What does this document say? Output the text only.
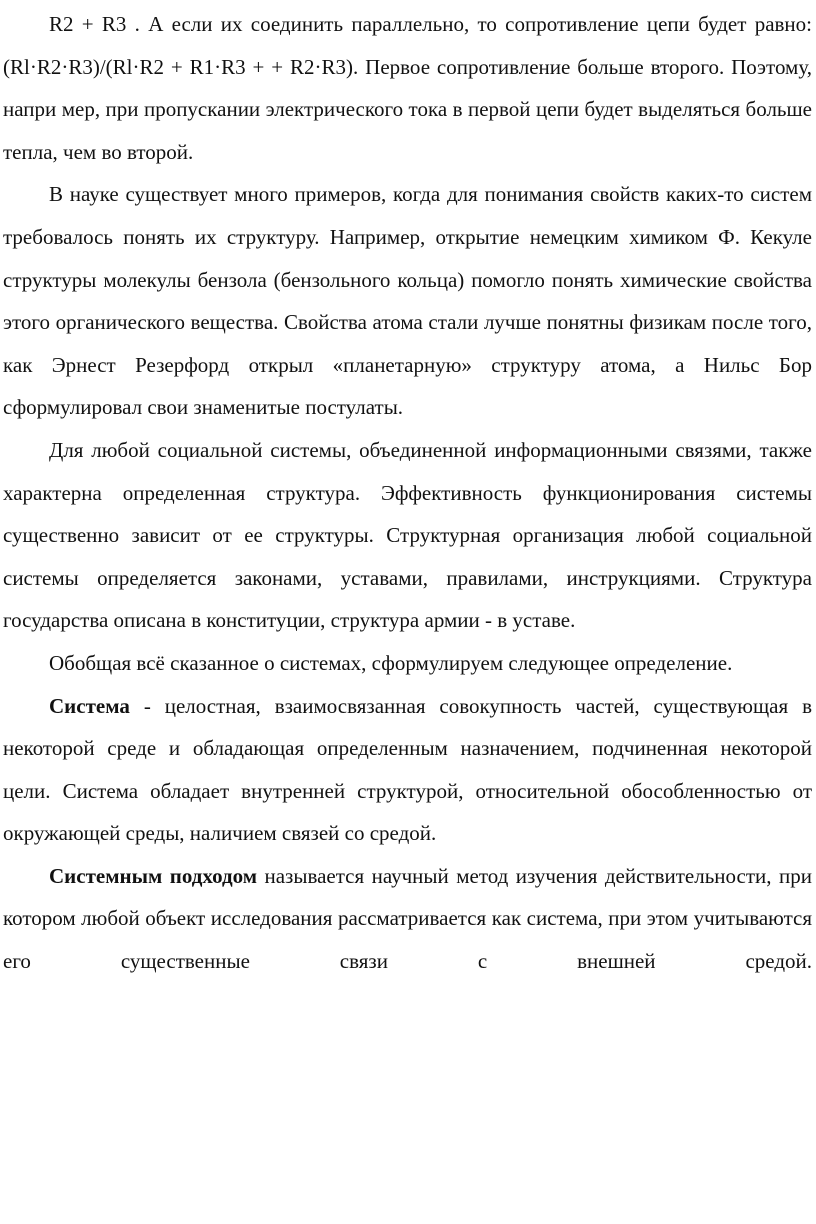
R2 + R3 . А если их соединить параллельно, то сопротивление цепи будет равно: (Rl·R2·R3)/(Rl·R2 + R1·R3 + + R2·R3). Первое сопротивление больше второго. Поэтому, напри мер, при пропускании электрического тока в первой цепи будет выделяться больше тепла, чем во второй.

В науке существует много примеров, когда для понимания свойств каких-то систем требовалось понять их структуру. Например, открытие немецким химиком Ф. Кекуле структуры молекулы бензола (бензольного кольца) помогло понять химические свойства этого органического вещества. Свойства атома стали лучше понятны физикам после того, как Эрнест Резерфорд открыл «планетарную» структуру атома, а Нильс Бор сформулировал свои знаменитые постулаты.

Для любой социальной системы, объединенной информационными связями, также характерна определенная структура. Эффективность функционирования системы существенно зависит от ее структуры. Структурная организация любой социальной системы определяется законами, уставами, правилами, инструкциями. Структура государства описана в конституции, структура армии - в уставе.

Обобщая всё сказанное о системах, сформулируем следующее определение.

Система - целостная, взаимосвязанная совокупность частей, существующая в некоторой среде и обладающая определенным назначением, подчиненная некоторой цели. Система обладает внутренней структурой, относительной обособленностью от окружающей среды, наличием связей со средой.

Системным подходом называется научный метод изучения действительности, при котором любой объект исследования рассматривается как система, при этом учитываются его существенные связи с внешней средой.
